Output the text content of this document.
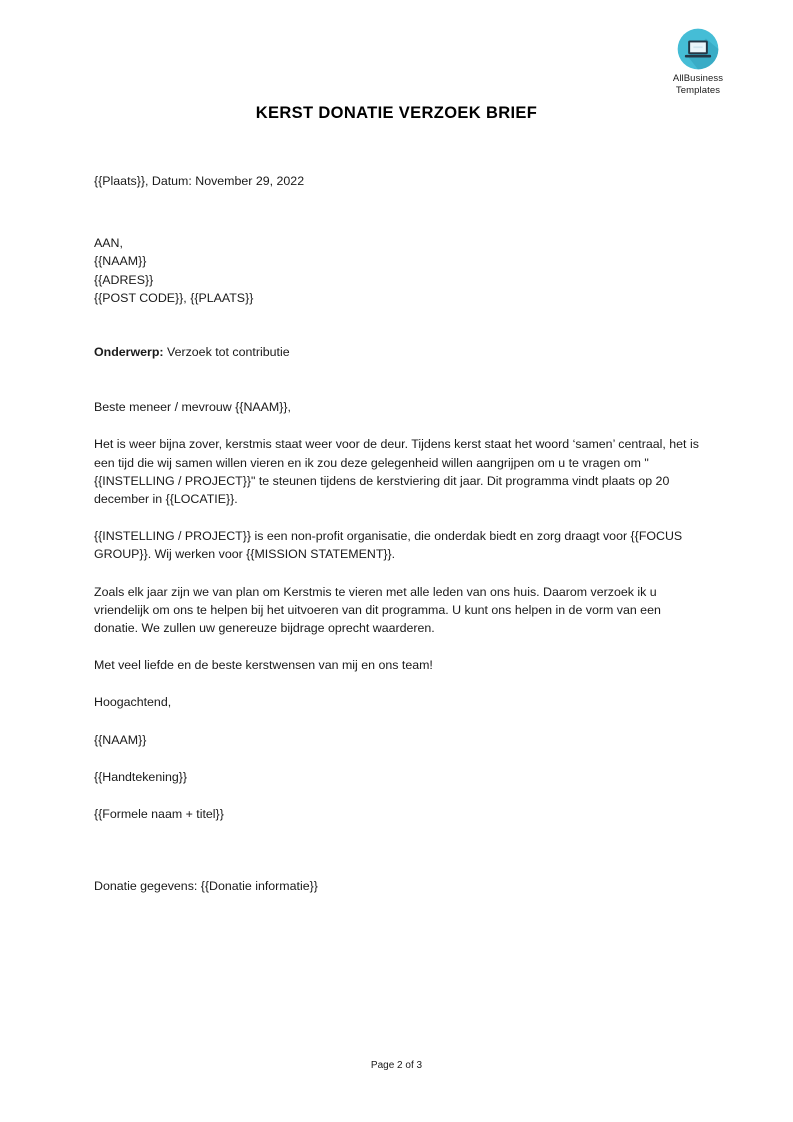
AllBusiness
Templates
KERST DONATIE VERZOEK BRIEF

{{Plaats}}, Datum: November 29, 2022

AAN,
{{NAAM}}
{{ADRES}}
{{POST CODE}}, {{PLAATS}}

Onderwerp: Verzoek tot contributie

Beste meneer / mevrouw {{NAAM}},

Het is weer bijna zover, kerstmis staat weer voor de deur. Tijdens kerst staat het woord ‘samen’ centraal, het is een tijd die wij samen willen vieren en ik zou deze gelegenheid willen aangrijpen om u te vragen om "{{INSTELLING / PROJECT}}" te steunen tijdens de kerstviering dit jaar. Dit programma vindt plaats op 20 december in {{LOCATIE}}.

{{INSTELLING / PROJECT}} is een non-profit organisatie, die onderdak biedt en zorg draagt voor {{FOCUS GROUP}}. Wij werken voor {{MISSION STATEMENT}}.

Zoals elk jaar zijn we van plan om Kerstmis te vieren met alle leden van ons huis. Daarom verzoek ik u vriendelijk om ons te helpen bij het uitvoeren van dit programma. U kunt ons helpen in de vorm van een donatie. We zullen uw genereuze bijdrage oprecht waarderen.

Met veel liefde en de beste kerstwensen van mij en ons team!

Hoogachtend,

{{NAAM}}

{{Handtekening}}

{{Formele naam + titel}}

Donatie gegevens: {{Donatie informatie}}

Page 2 of 3
